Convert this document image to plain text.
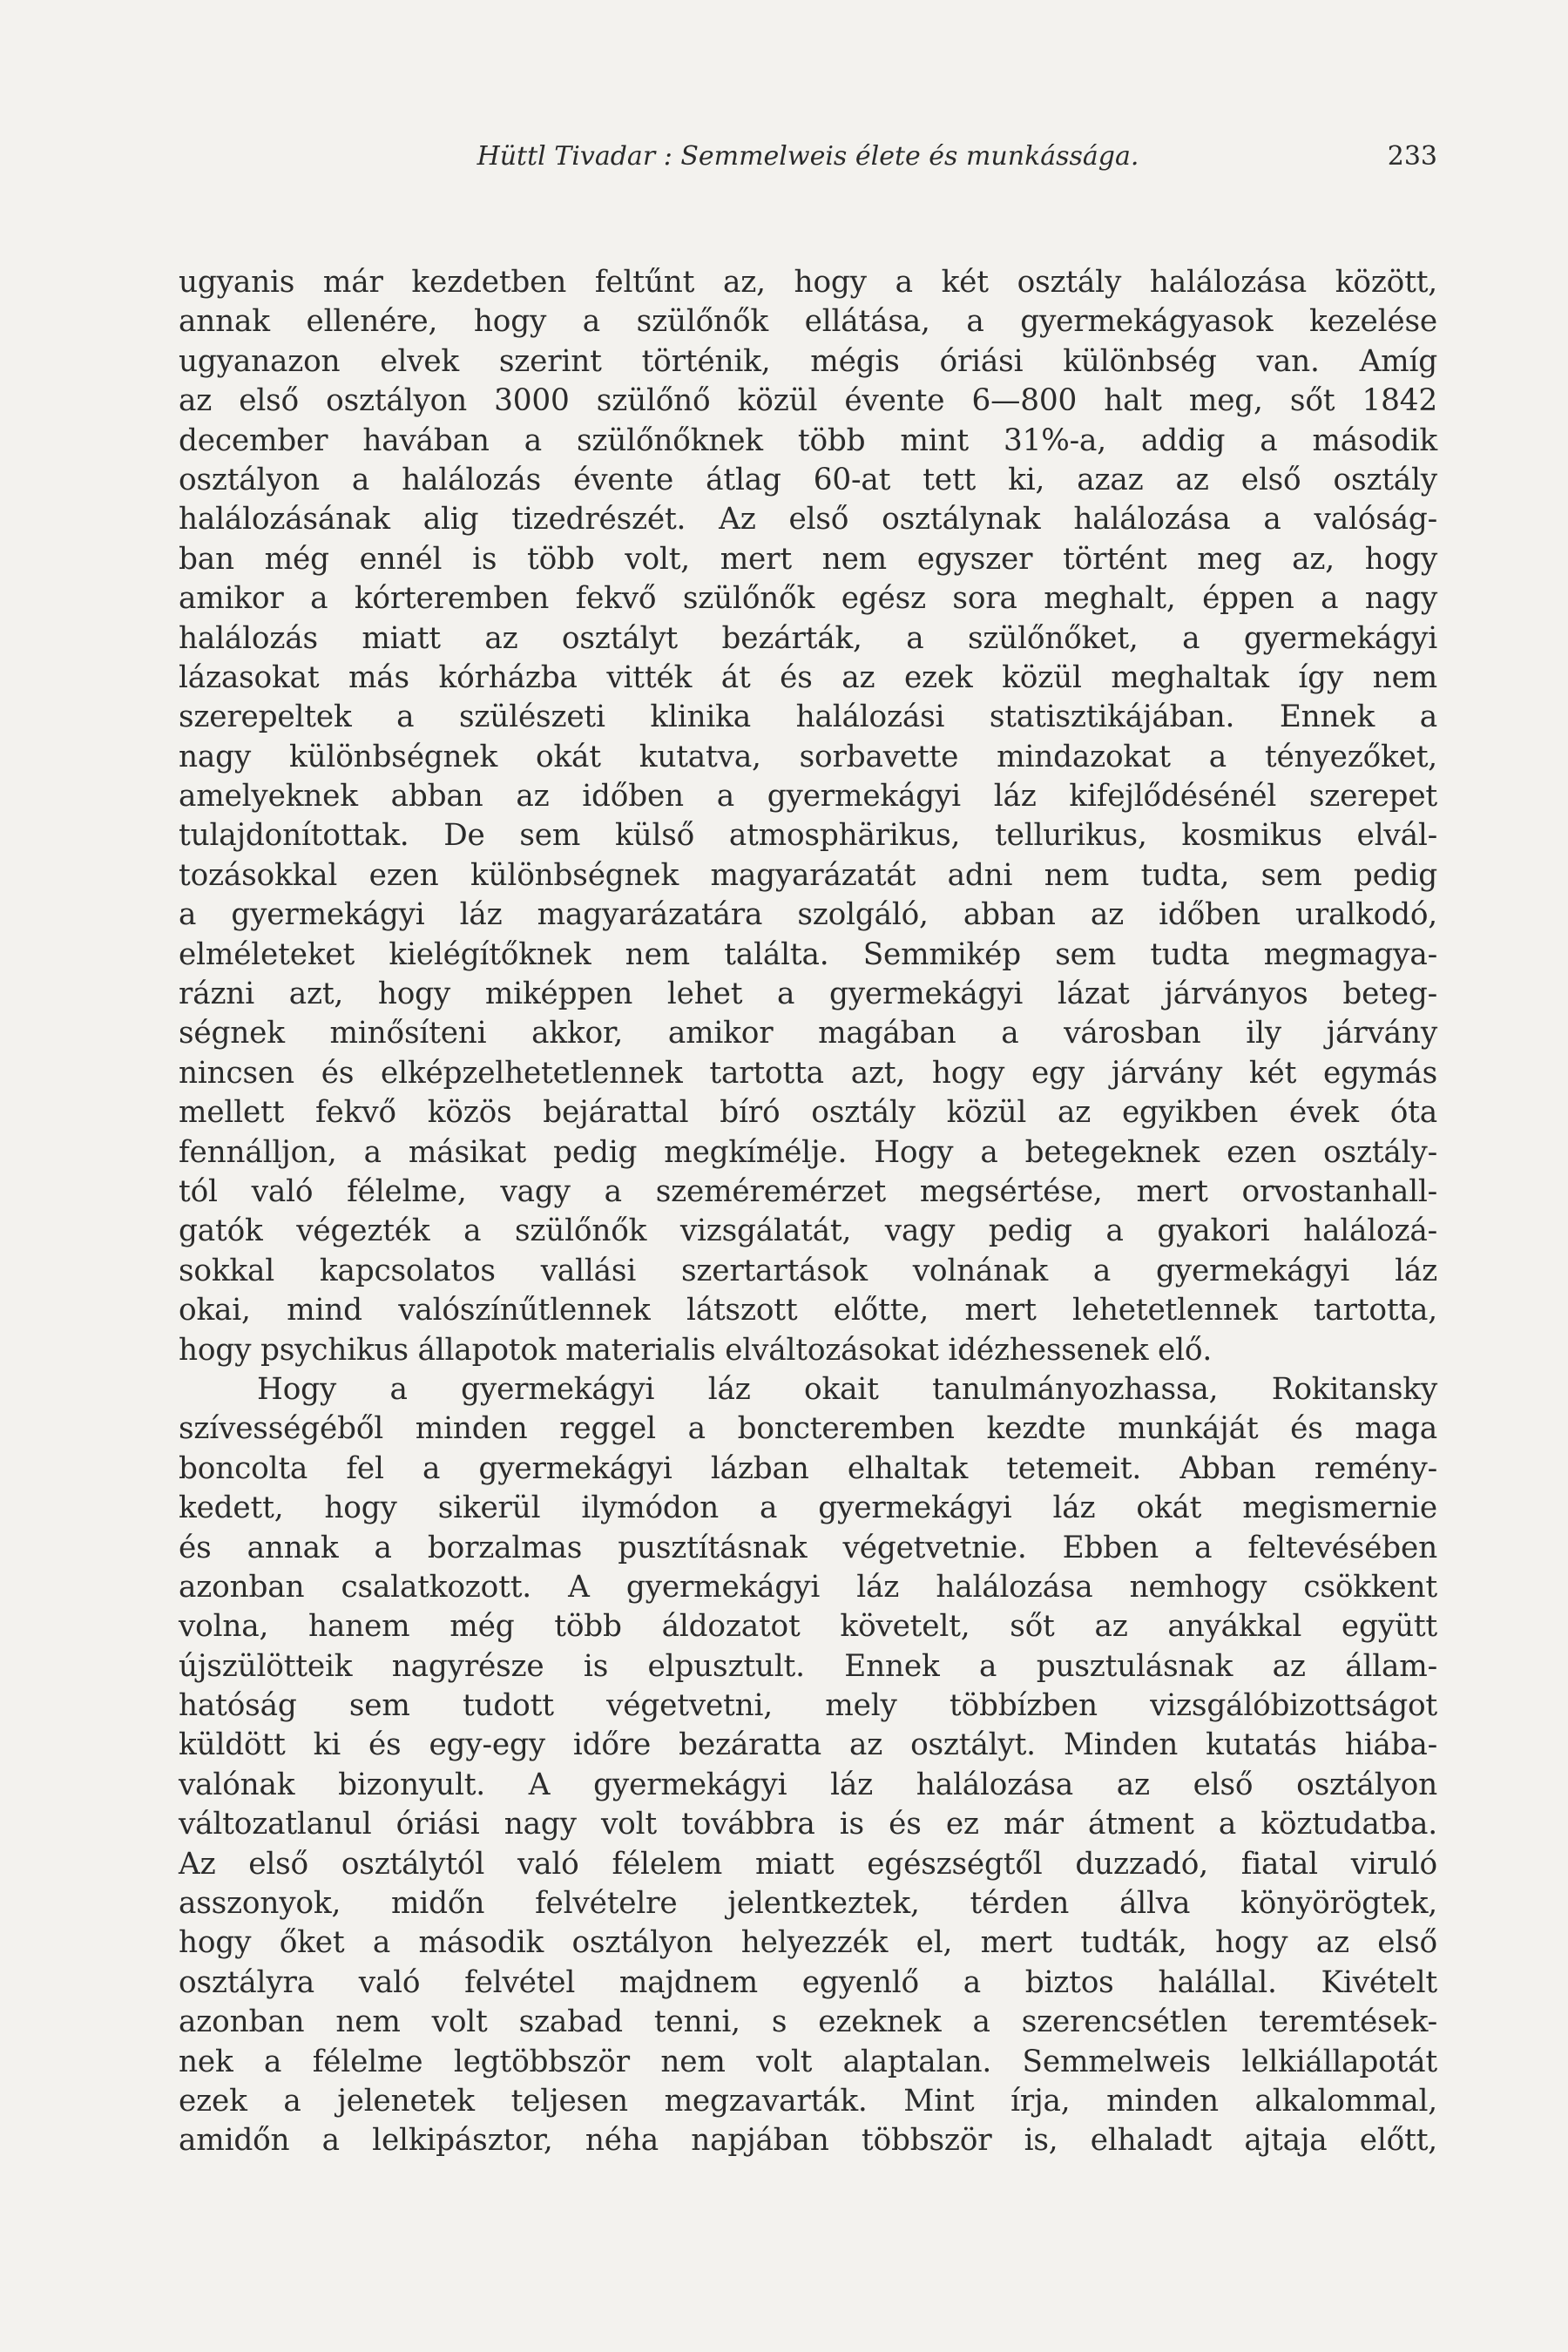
Hüttl Tivadar : Semmelweis élete és munkássága.	233
ugyanis már kezdetben feltűnt az, hogy a két osztály halálozása között,
annak ellenére, hogy a szülőnők ellátása, a gyermekágyasok kezelése
ugyanazon elvek szerint történik, mégis óriási különbség van. Amíg
az első osztályon 3000 szülőnő közül évente 6—800 halt meg, sőt 1842
december havában a szülőnőknek több mint 31%-a, addig a második
osztályon a halálozás évente átlag 60-at tett ki, azaz az első osztály
halálozásának alig tizedrészét. Az első osztálynak halálozása a valóság-
ban még ennél is több volt, mert nem egyszer történt meg az, hogy
amikor a kórteremben fekvő szülőnők egész sora meghalt, éppen a nagy
halálozás miatt az osztályt bezárták, a szülőnőket, a gyermekágyi
lázasokat más kórházba vitték át és az ezek közül meghaltak így nem
szerepeltek a szülészeti klinika halálozási statisztikájában. Ennek a
nagy különbségnek okát kutatva, sorbavette mindazokat a tényezőket,
amelyeknek abban az időben a gyermekágyi láz kifejlődésénél szerepet
tulajdonítottak. De sem külső atmosphärikus, tellurikus, kosmikus elvál-
tozásokkal ezen különbségnek magyarázatát adni nem tudta, sem pedig
a gyermekágyi láz magyarázatára szolgáló, abban az időben uralkodó,
elméleteket kielégítőknek nem találta. Semmikép sem tudta megmagya-
rázni azt, hogy miképpen lehet a gyermekágyi lázat járványos beteg-
ségnek minősíteni akkor, amikor magában a városban ily járvány
nincsen és elképzelhetetlennek tartotta azt, hogy egy járvány két egymás
mellett fekvő közös bejárattal bíró osztály közül az egyikben évek óta
fennálljon, a másikat pedig megkímélje. Hogy a betegeknek ezen osztály-
tól való félelme, vagy a szeméremérzet megsértése, mert orvostanhall-
gatók végezték a szülőnők vizsgálatát, vagy pedig a gyakori halálozá-
sokkal kapcsolatos vallási szertartások volnának a gyermekágyi láz
okai, mind valószínűtlennek látszott előtte, mert lehetetlennek tartotta,
hogy psychikus állapotok materialis elváltozásokat idézhessenek elő.
Hogy a gyermekágyi láz okait tanulmányozhassa, Rokitansky
szívességéből minden reggel a boncteremben kezdte munkáját és maga
boncolta fel a gyermekágyi lázban elhaltak tetemeit. Abban remény-
kedett, hogy sikerül ilymódon a gyermekágyi láz okát megismernie
és annak a borzalmas pusztításnak végetvetnie. Ebben a feltevésében
azonban csalatkozott. A gyermekágyi láz halálozása nemhogy csökkent
volna, hanem még több áldozatot követelt, sőt az anyákkal együtt
újszülötteik nagyrésze is elpusztult. Ennek a pusztulásnak az állam-
hatóság sem tudott végetvetni, mely többízben vizsgálóbizottságot
küldött ki és egy-egy időre bezáratta az osztályt. Minden kutatás hiába-
valónak bizonyult. A gyermekágyi láz halálozása az első osztályon
változatlanul óriási nagy volt továbbra is és ez már átment a köztudatba.
Az első osztálytól való félelem miatt egészségtől duzzadó, fiatal viruló
asszonyok, midőn felvételre jelentkeztek, térden állva könyörögtek,
hogy őket a második osztályon helyezzék el, mert tudták, hogy az első
osztályra való felvétel majdnem egyenlő a biztos halállal. Kivételt
azonban nem volt szabad tenni, s ezeknek a szerencsétlen teremtések-
nek a félelme legtöbbször nem volt alaptalan. Semmelweis lelkiállapotát
ezek a jelenetek teljesen megzavarták. Mint írja, minden alkalommal,
amidőn a lelkipásztor, néha napjában többször is, elhaladt ajtaja előtt,
